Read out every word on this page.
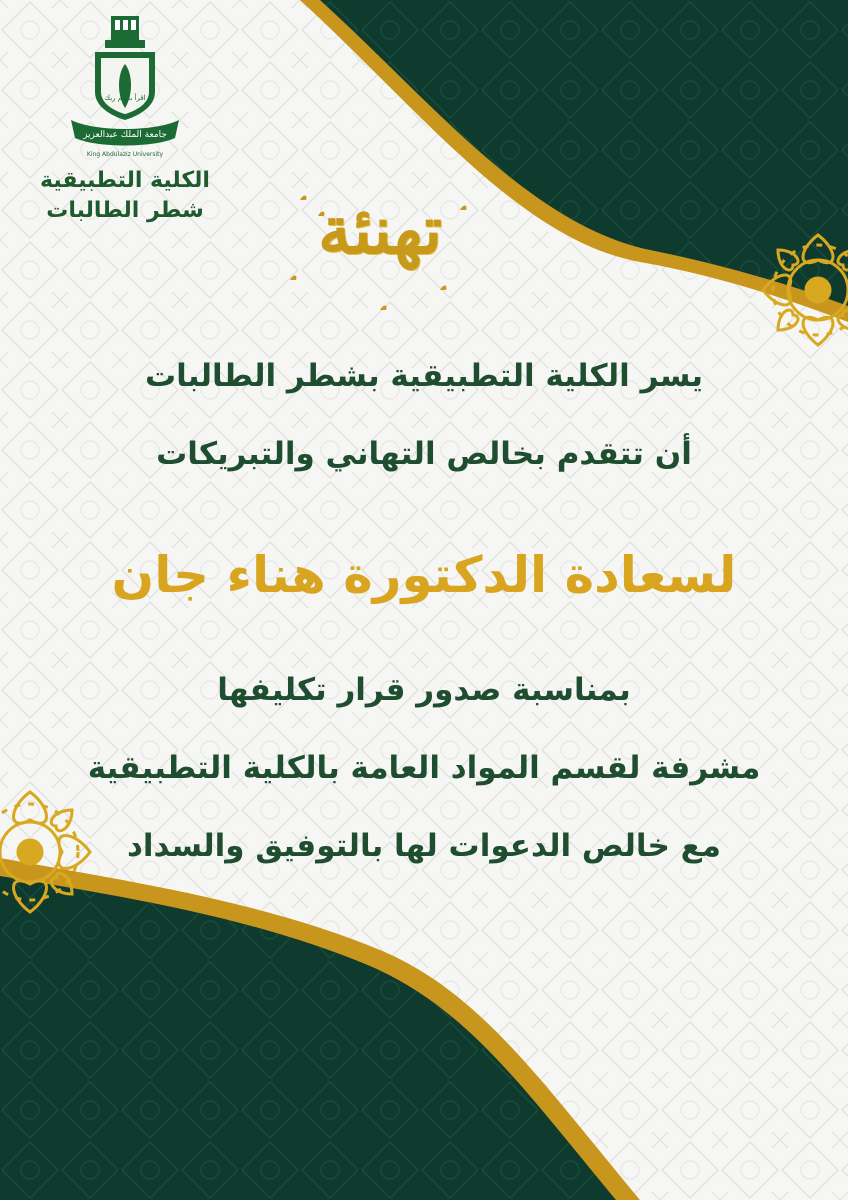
اقرأ باسم ربك
جامعة الملك عبدالعزيز
King Abdulaziz University
الكلية التطبيقية
شطر الطالبات	تهنئة
يسر الكلية التطبيقية بشطر الطالبات
أن تتقدم بخالص التهاني والتبريكات
لسعادة الدكتورة هناء جان
بمناسبة صدور قرار تكليفها
مشرفة لقسم المواد العامة بالكلية التطبيقية
مع خالص الدعوات لها بالتوفيق والسداد
